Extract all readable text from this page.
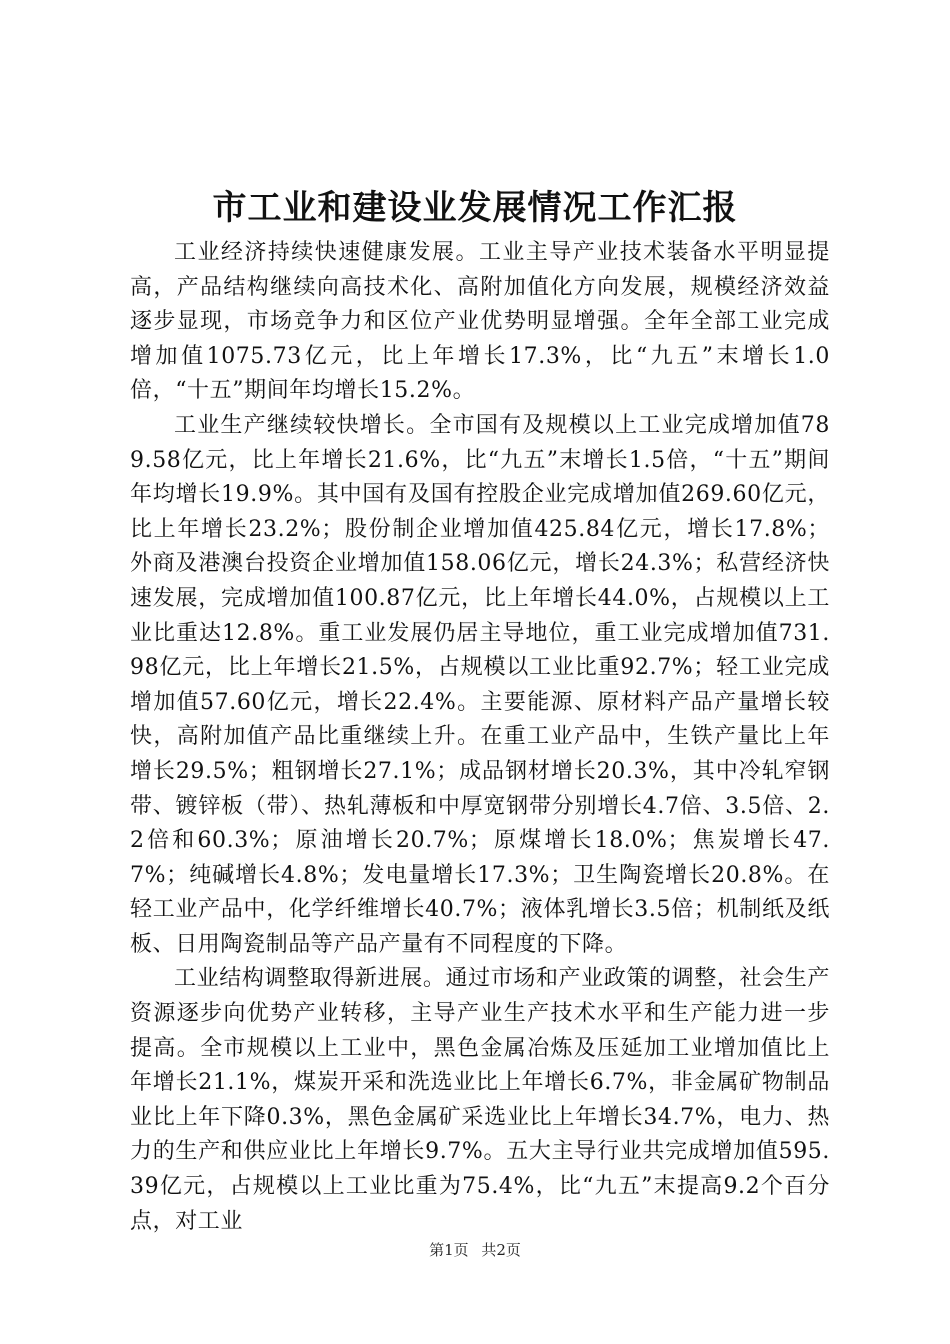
市工业和建设业发展情况工作汇报

工业经济持续快速健康发展。工业主导产业技术装备水平明显提高，产品结构继续向高技术化、高附加值化方向发展，规模经济效益逐步显现，市场竞争力和区位产业优势明显增强。全年全部工业完成增加值1075.73亿元，比上年增长17.3%，比“九五”末增长1.0倍，“十五”期间年均增长15.2%。

工业生产继续较快增长。全市国有及规模以上工业完成增加值789.58亿元，比上年增长21.6%，比“九五”末增长1.5倍，“十五”期间年均增长19.9%。其中国有及国有控股企业完成增加值269.60亿元，比上年增长23.2%；股份制企业增加值425.84亿元，增长17.8%；外商及港澳台投资企业增加值158.06亿元，增长24.3%；私营经济快速发展，完成增加值100.87亿元，比上年增长44.0%，占规模以上工业比重达12.8%。重工业发展仍居主导地位，重工业完成增加值731.98亿元，比上年增长21.5%，占规模以工业比重92.7%；轻工业完成增加值57.60亿元，增长22.4%。主要能源、原材料产品产量增长较快，高附加值产品比重继续上升。在重工业产品中，生铁产量比上年增长29.5%；粗钢增长27.1%；成品钢材增长20.3%，其中冷轧窄钢带、镀锌板（带）、热轧薄板和中厚宽钢带分别增长4.7倍、3.5倍、2.2倍和60.3%；原油增长20.7%；原煤增长18.0%；焦炭增长47.7%；纯碱增长4.8%；发电量增长17.3%；卫生陶瓷增长20.8%。在轻工业产品中，化学纤维增长40.7%；液体乳增长3.5倍；机制纸及纸板、日用陶瓷制品等产品产量有不同程度的下降。

工业结构调整取得新进展。通过市场和产业政策的调整，社会生产资源逐步向优势产业转移，主导产业生产技术水平和生产能力进一步提高。全市规模以上工业中，黑色金属冶炼及压延加工业增加值比上年增长21.1%，煤炭开采和洗选业比上年增长6.7%，非金属矿物制品业比上年下降0.3%，黑色金属矿采选业比上年增长34.7%，电力、热力的生产和供应业比上年增长9.7%。五大主导行业共完成增加值595.39亿元，占规模以上工业比重为75.4%，比“九五”末提高9.2个百分点，对工业

第1页 共2页
